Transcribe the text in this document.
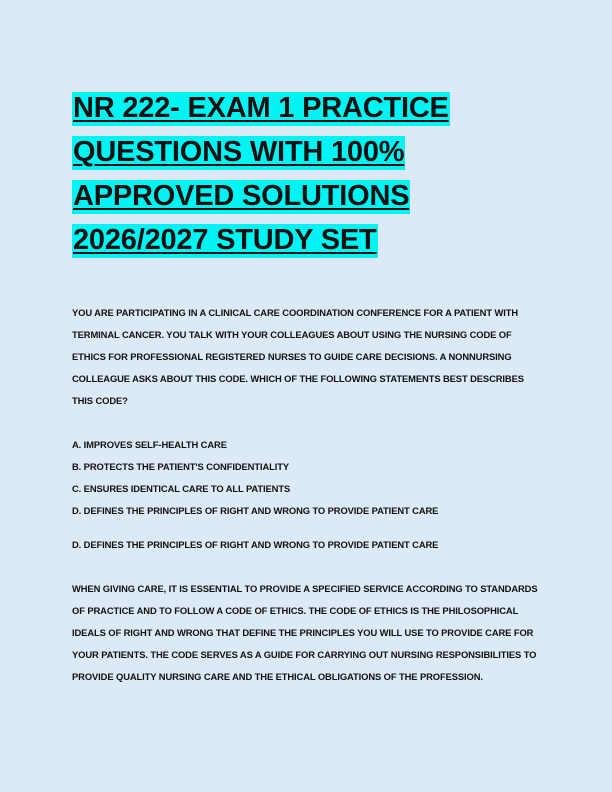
NR 222- EXAM 1 PRACTICE QUESTIONS WITH 100% APPROVED SOLUTIONS 2026/2027 STUDY SET

YOU ARE PARTICIPATING IN A CLINICAL CARE COORDINATION CONFERENCE FOR A PATIENT WITH TERMINAL CANCER. YOU TALK WITH YOUR COLLEAGUES ABOUT USING THE NURSING CODE OF ETHICS FOR PROFESSIONAL REGISTERED NURSES TO GUIDE CARE DECISIONS. A NONNURSING COLLEAGUE ASKS ABOUT THIS CODE. WHICH OF THE FOLLOWING STATEMENTS BEST DESCRIBES THIS CODE?

A. IMPROVES SELF-HEALTH CARE
B. PROTECTS THE PATIENT'S CONFIDENTIALITY
C. ENSURES IDENTICAL CARE TO ALL PATIENTS
D. DEFINES THE PRINCIPLES OF RIGHT AND WRONG TO PROVIDE PATIENT CARE

D. DEFINES THE PRINCIPLES OF RIGHT AND WRONG TO PROVIDE PATIENT CARE

WHEN GIVING CARE, IT IS ESSENTIAL TO PROVIDE A SPECIFIED SERVICE ACCORDING TO STANDARDS OF PRACTICE AND TO FOLLOW A CODE OF ETHICS. THE CODE OF ETHICS IS THE PHILOSOPHICAL IDEALS OF RIGHT AND WRONG THAT DEFINE THE PRINCIPLES YOU WILL USE TO PROVIDE CARE FOR YOUR PATIENTS. THE CODE SERVES AS A GUIDE FOR CARRYING OUT NURSING RESPONSIBILITIES TO PROVIDE QUALITY NURSING CARE AND THE ETHICAL OBLIGATIONS OF THE PROFESSION.
